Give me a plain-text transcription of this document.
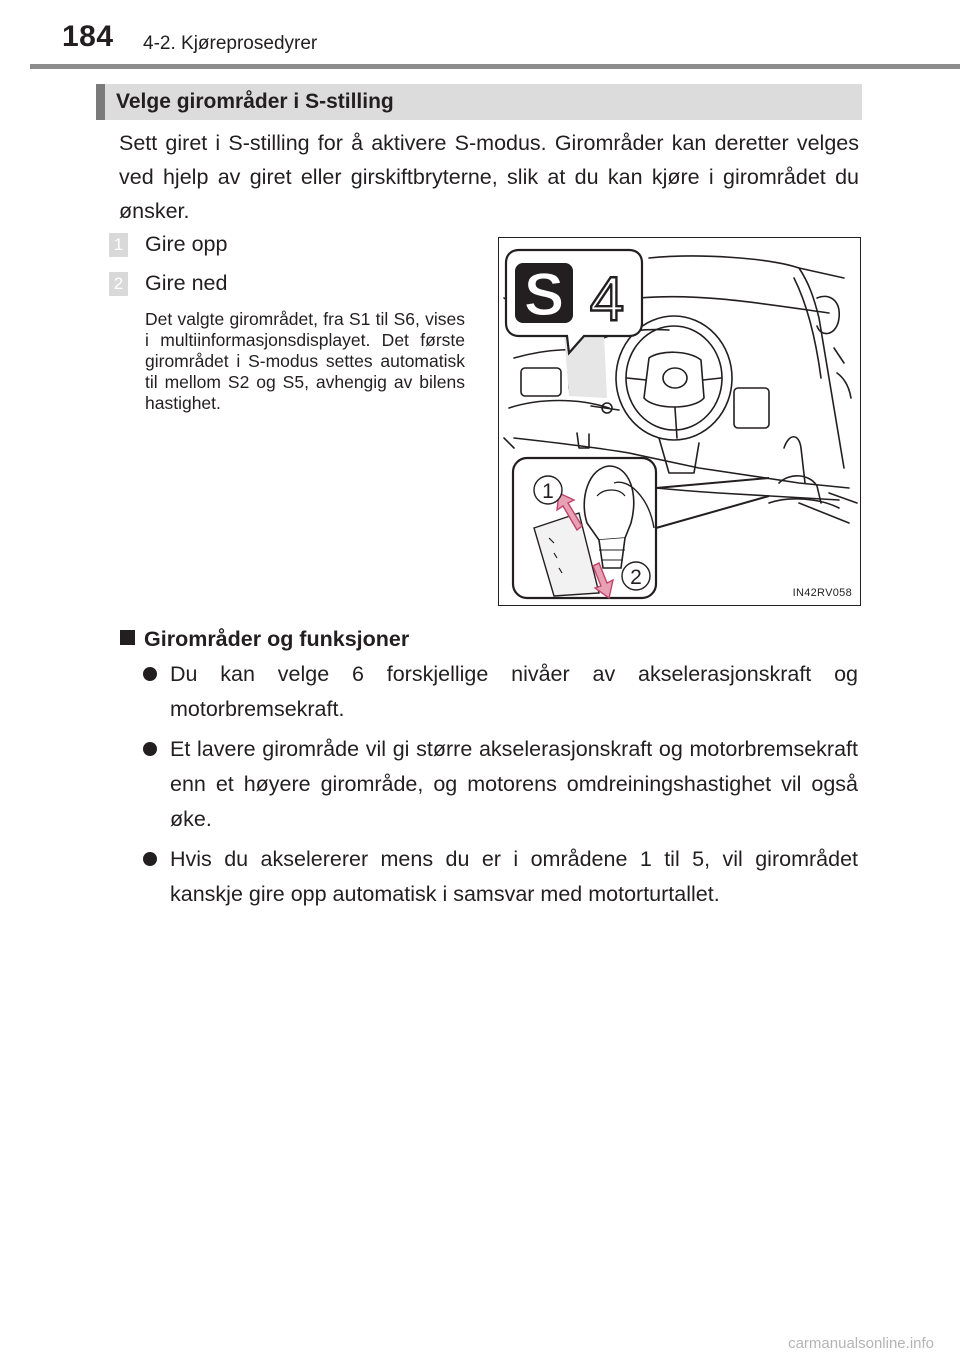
184 4-2. Kjøreprosedyrer
Velge girområder i S-stilling
Sett giret i S-stilling for å aktivere S-modus. Girområder kan deretter velges ved hjelp av giret eller girskiftbryterne, slik at du kan kjøre i girområdet du ønsker.
1 Gire opp
2 Gire ned
Det valgte girområdet, fra S1 til S6, vises i multiinformasjonsdisplayet. Det første girområdet i S-modus settes automatisk til mellom S2 og S5, avhengig av bilens hastighet.
S 4
1
2
IN42RV058
Girområder og funksjoner
Du kan velge 6 forskjellige nivåer av akselerasjonskraft og motorbremsekraft.
Et lavere girområde vil gi større akselerasjonskraft og motorbremsekraft enn et høyere girområde, og motorens omdreiningshastighet vil også øke.
Hvis du akselererer mens du er i områdene 1 til 5, vil girområdet kanskje gire opp automatisk i samsvar med motorturtallet.
carmanualsonline.info
